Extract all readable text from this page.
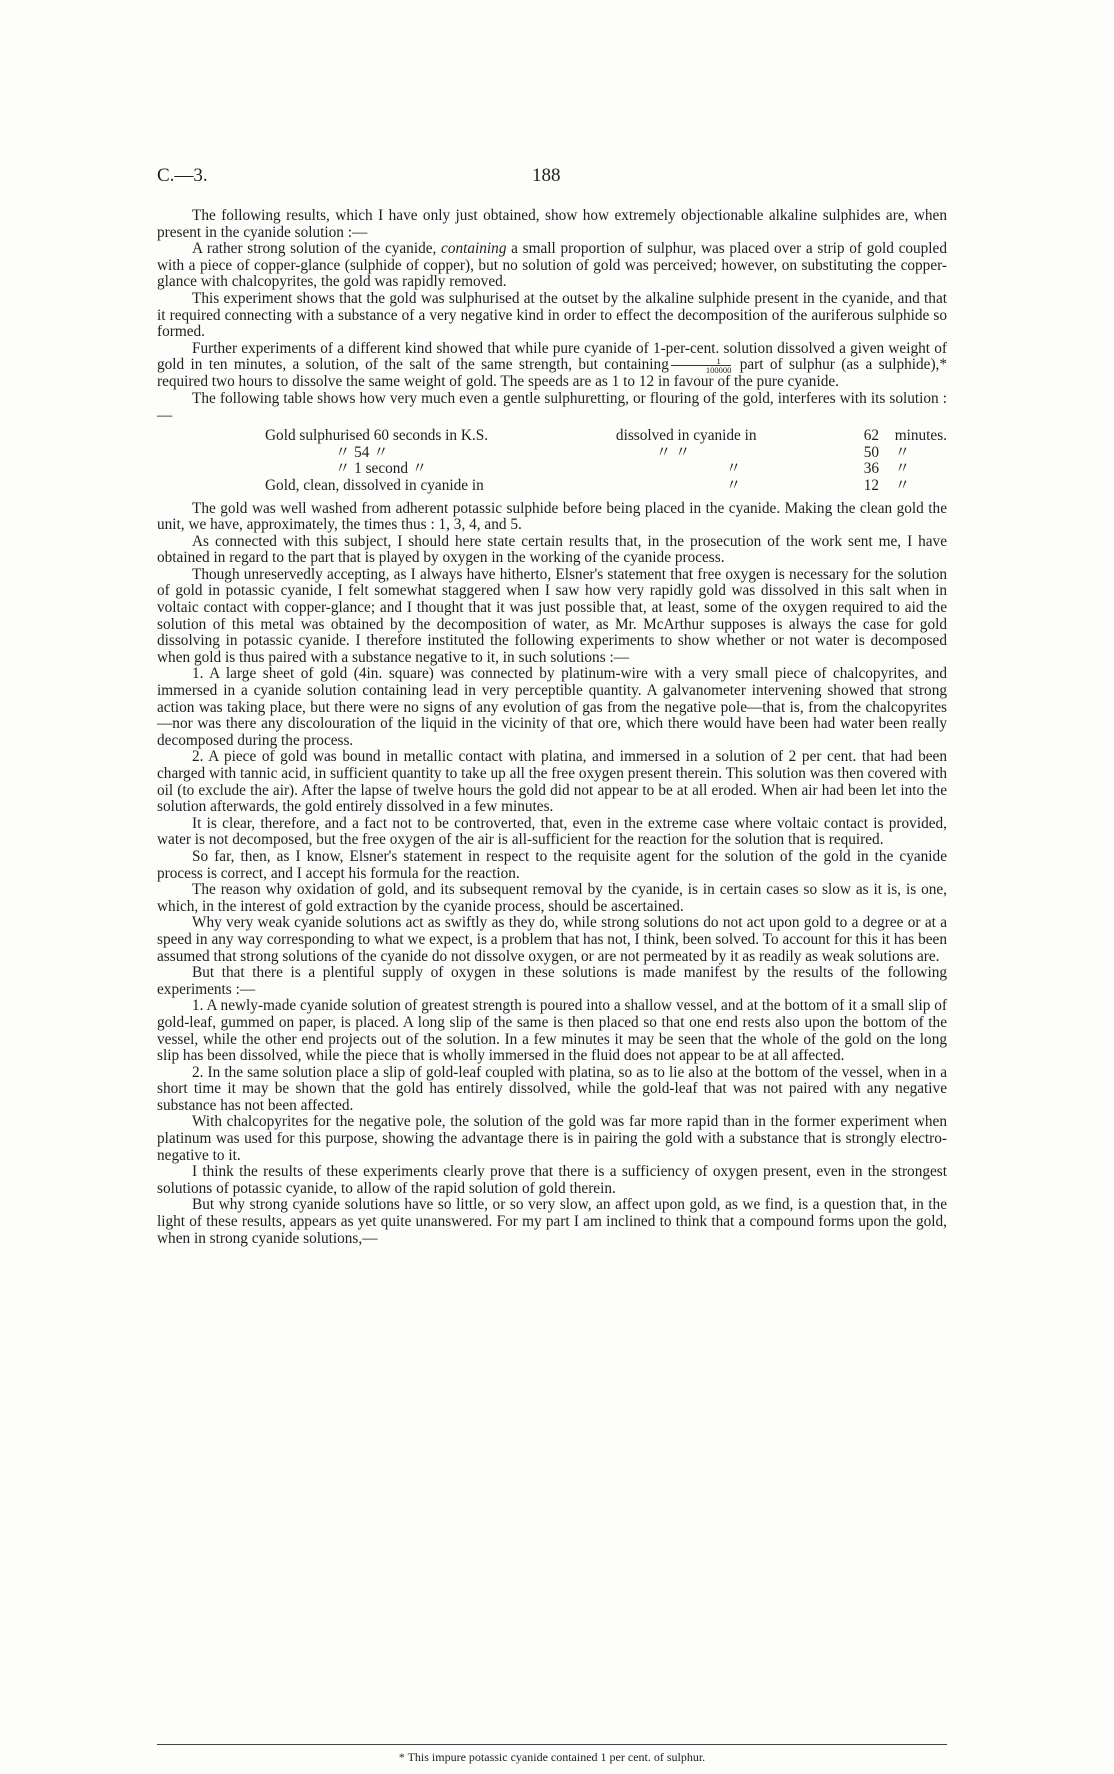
C.—3.	188

The following results, which I have only just obtained, show how extremely objectionable alkaline sulphides are, when present in the cyanide solution :—

A rather strong solution of the cyanide, containing a small proportion of sulphur, was placed over a strip of gold coupled with a piece of copper-glance (sulphide of copper), but no solution of gold was perceived; however, on substituting the copper-glance with chalcopyrites, the gold was rapidly removed.

This experiment shows that the gold was sulphurised at the outset by the alkaline sulphide present in the cyanide, and that it required connecting with a substance of a very negative kind in order to effect the decomposition of the auriferous sulphide so formed.

Further experiments of a different kind showed that while pure cyanide of 1-per-cent. solution dissolved a given weight of gold in ten minutes, a solution, of the salt of the same strength, but containing $\frac{1}{100000}$ part of sulphur (as a sulphide),* required two hours to dissolve the same weight of gold. The speeds are as 1 to 12 in favour of the pure cyanide.

The following table shows how very much even a gentle sulphuretting, or flouring of the gold, interferes with its solution :—

Gold sulphurised 60 seconds in K.S.	dissolved in cyanide in	62	minutes.
〃 54 〃	〃 〃	50	〃
〃 1 second 〃	〃	36	〃
Gold, clean, dissolved in cyanide in	〃	12	〃

The gold was well washed from adherent potassic sulphide before being placed in the cyanide. Making the clean gold the unit, we have, approximately, the times thus : 1, 3, 4, and 5.

As connected with this subject, I should here state certain results that, in the prosecution of the work sent me, I have obtained in regard to the part that is played by oxygen in the working of the cyanide process.

Though unreservedly accepting, as I always have hitherto, Elsner's statement that free oxygen is necessary for the solution of gold in potassic cyanide, I felt somewhat staggered when I saw how very rapidly gold was dissolved in this salt when in voltaic contact with copper-glance; and I thought that it was just possible that, at least, some of the oxygen required to aid the solution of this metal was obtained by the decomposition of water, as Mr. McArthur supposes is always the case for gold dissolving in potassic cyanide. I therefore instituted the following experiments to show whether or not water is decomposed when gold is thus paired with a substance negative to it, in such solutions :—

1. A large sheet of gold (4in. square) was connected by platinum-wire with a very small piece of chalcopyrites, and immersed in a cyanide solution containing lead in very perceptible quantity. A galvanometer intervening showed that strong action was taking place, but there were no signs of any evolution of gas from the negative pole—that is, from the chalcopyrites—nor was there any discolouration of the liquid in the vicinity of that ore, which there would have been had water been really decomposed during the process.

2. A piece of gold was bound in metallic contact with platina, and immersed in a solution of 2 per cent. that had been charged with tannic acid, in sufficient quantity to take up all the free oxygen present therein. This solution was then covered with oil (to exclude the air). After the lapse of twelve hours the gold did not appear to be at all eroded. When air had been let into the solution afterwards, the gold entirely dissolved in a few minutes.

It is clear, therefore, and a fact not to be controverted, that, even in the extreme case where voltaic contact is provided, water is not decomposed, but the free oxygen of the air is all-sufficient for the reaction for the solution that is required.

So far, then, as I know, Elsner's statement in respect to the requisite agent for the solution of the gold in the cyanide process is correct, and I accept his formula for the reaction.

The reason why oxidation of gold, and its subsequent removal by the cyanide, is in certain cases so slow as it is, is one, which, in the interest of gold extraction by the cyanide process, should be ascertained.

Why very weak cyanide solutions act as swiftly as they do, while strong solutions do not act upon gold to a degree or at a speed in any way corresponding to what we expect, is a problem that has not, I think, been solved. To account for this it has been assumed that strong solutions of the cyanide do not dissolve oxygen, or are not permeated by it as readily as weak solutions are.

But that there is a plentiful supply of oxygen in these solutions is made manifest by the results of the following experiments :—

1. A newly-made cyanide solution of greatest strength is poured into a shallow vessel, and at the bottom of it a small slip of gold-leaf, gummed on paper, is placed. A long slip of the same is then placed so that one end rests also upon the bottom of the vessel, while the other end projects out of the solution. In a few minutes it may be seen that the whole of the gold on the long slip has been dissolved, while the piece that is wholly immersed in the fluid does not appear to be at all affected.

2. In the same solution place a slip of gold-leaf coupled with platina, so as to lie also at the bottom of the vessel, when in a short time it may be shown that the gold has entirely dissolved, while the gold-leaf that was not paired with any negative substance has not been affected.

With chalcopyrites for the negative pole, the solution of the gold was far more rapid than in the former experiment when platinum was used for this purpose, showing the advantage there is in pairing the gold with a substance that is strongly electro-negative to it.

I think the results of these experiments clearly prove that there is a sufficiency of oxygen present, even in the strongest solutions of potassic cyanide, to allow of the rapid solution of gold therein.

But why strong cyanide solutions have so little, or so very slow, an affect upon gold, as we find, is a question that, in the light of these results, appears as yet quite unanswered. For my part I am inclined to think that a compound forms upon the gold, when in strong cyanide solutions,—

* This impure potassic cyanide contained 1 per cent. of sulphur.
